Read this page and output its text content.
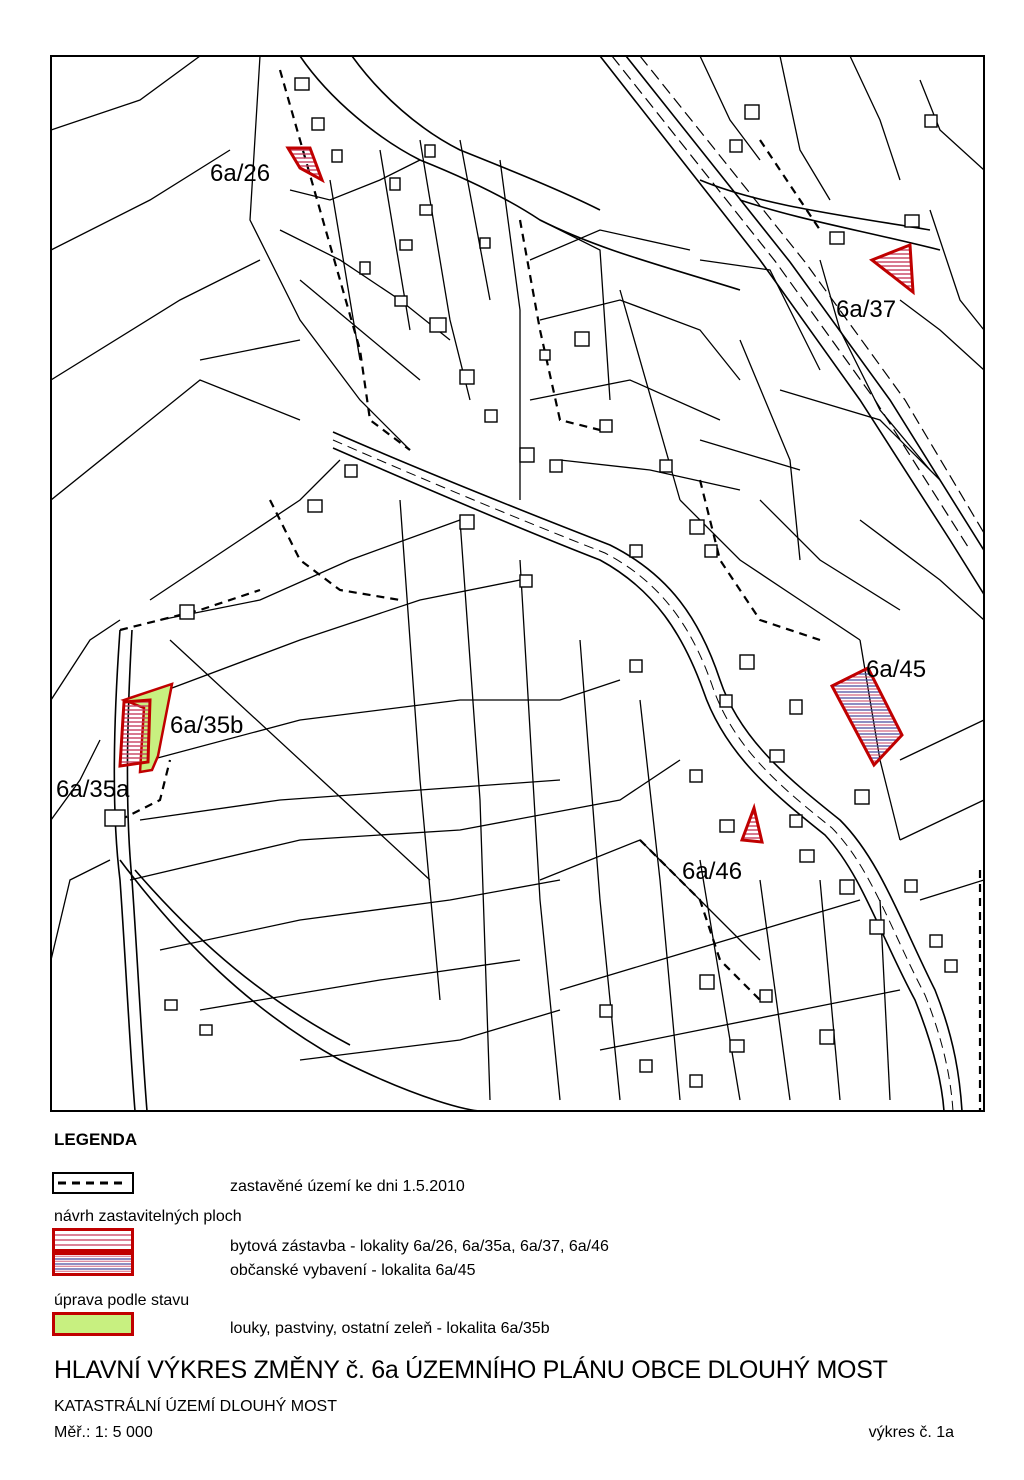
6a/26
6a/37
6a/45
6a/35b
6a/35a
6a/46
LEGENDA
zastavěné území ke dni 1.5.2010
návrh zastavitelných ploch
bytová zástavba - lokality 6a/26, 6a/35a, 6a/37, 6a/46
občanské vybavení - lokalita 6a/45
úprava podle stavu
louky, pastviny, ostatní zeleň - lokalita 6a/35b
HLAVNÍ VÝKRES ZMĚNY č. 6a ÚZEMNÍHO PLÁNU OBCE DLOUHÝ MOST
KATASTRÁLNÍ ÚZEMÍ DLOUHÝ MOST
Měř.: 1: 5 000	výkres č. 1a
